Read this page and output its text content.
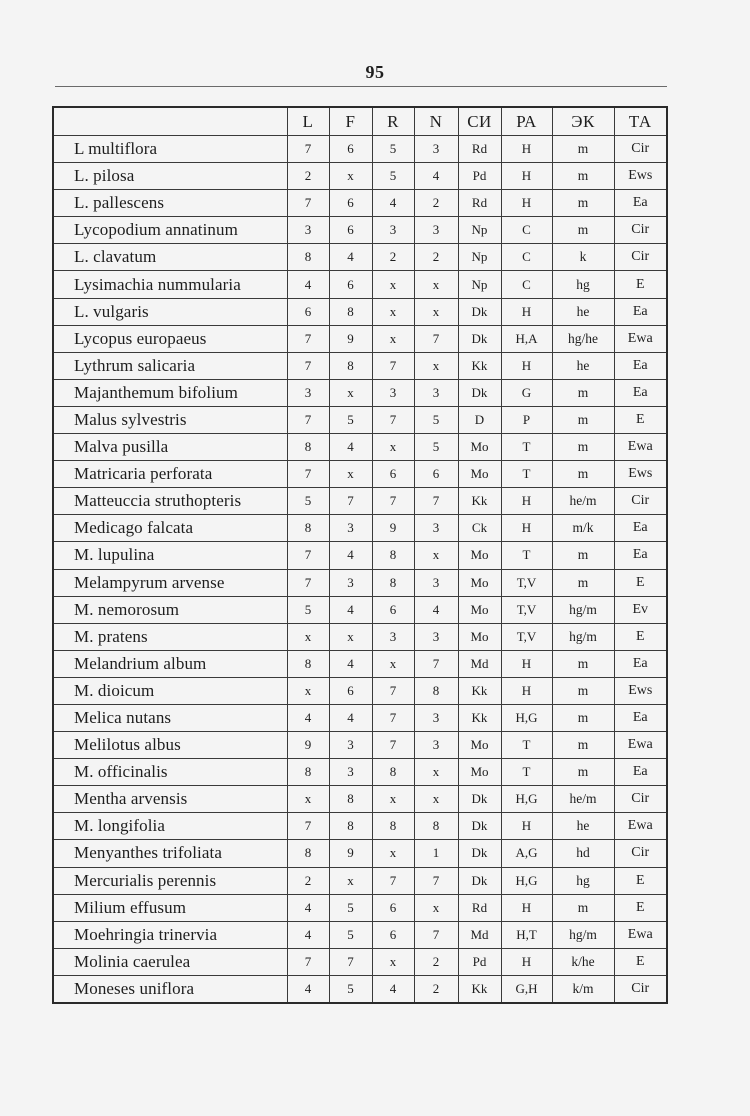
95
	L	F	R	N	СИ	РА	ЭК	ТА
L multiflora	7	6	5	3	Rd	H	m	Cir
L. pilosa	2	x	5	4	Pd	H	m	Ews
L. pallescens	7	6	4	2	Rd	H	m	Ea
Lycopodium annatinum	3	6	3	3	Np	C	m	Cir
L. clavatum	8	4	2	2	Np	C	k	Cir
Lysimachia nummularia	4	6	x	x	Np	C	hg	E
L. vulgaris	6	8	x	x	Dk	H	he	Ea
Lycopus europaeus	7	9	x	7	Dk	H,A	hg/he	Ewa
Lythrum salicaria	7	8	7	x	Kk	H	he	Ea
Majanthemum bifolium	3	x	3	3	Dk	G	m	Ea
Malus sylvestris	7	5	7	5	D	P	m	E
Malva pusilla	8	4	x	5	Mo	T	m	Ewa
Matricaria perforata	7	x	6	6	Mo	T	m	Ews
Matteuccia struthopteris	5	7	7	7	Kk	H	he/m	Cir
Medicago falcata	8	3	9	3	Ck	H	m/k	Ea
M. lupulina	7	4	8	x	Mo	T	m	Ea
Melampyrum arvense	7	3	8	3	Mo	T,V	m	E
M. nemorosum	5	4	6	4	Mo	T,V	hg/m	Ev
M. pratens	x	x	3	3	Mo	T,V	hg/m	E
Melandrium album	8	4	x	7	Md	H	m	Ea
M. dioicum	x	6	7	8	Kk	H	m	Ews
Melica nutans	4	4	7	3	Kk	H,G	m	Ea
Melilotus albus	9	3	7	3	Mo	T	m	Ewa
M. officinalis	8	3	8	x	Mo	T	m	Ea
Mentha arvensis	x	8	x	x	Dk	H,G	he/m	Cir
M. longifolia	7	8	8	8	Dk	H	he	Ewa
Menyanthes trifoliata	8	9	x	1	Dk	A,G	hd	Cir
Mercurialis perennis	2	x	7	7	Dk	H,G	hg	E
Milium effusum	4	5	6	x	Rd	H	m	E
Moehringia trinervia	4	5	6	7	Md	H,T	hg/m	Ewa
Molinia caerulea	7	7	x	2	Pd	H	k/he	E
Moneses uniflora	4	5	4	2	Kk	G,H	k/m	Cir
